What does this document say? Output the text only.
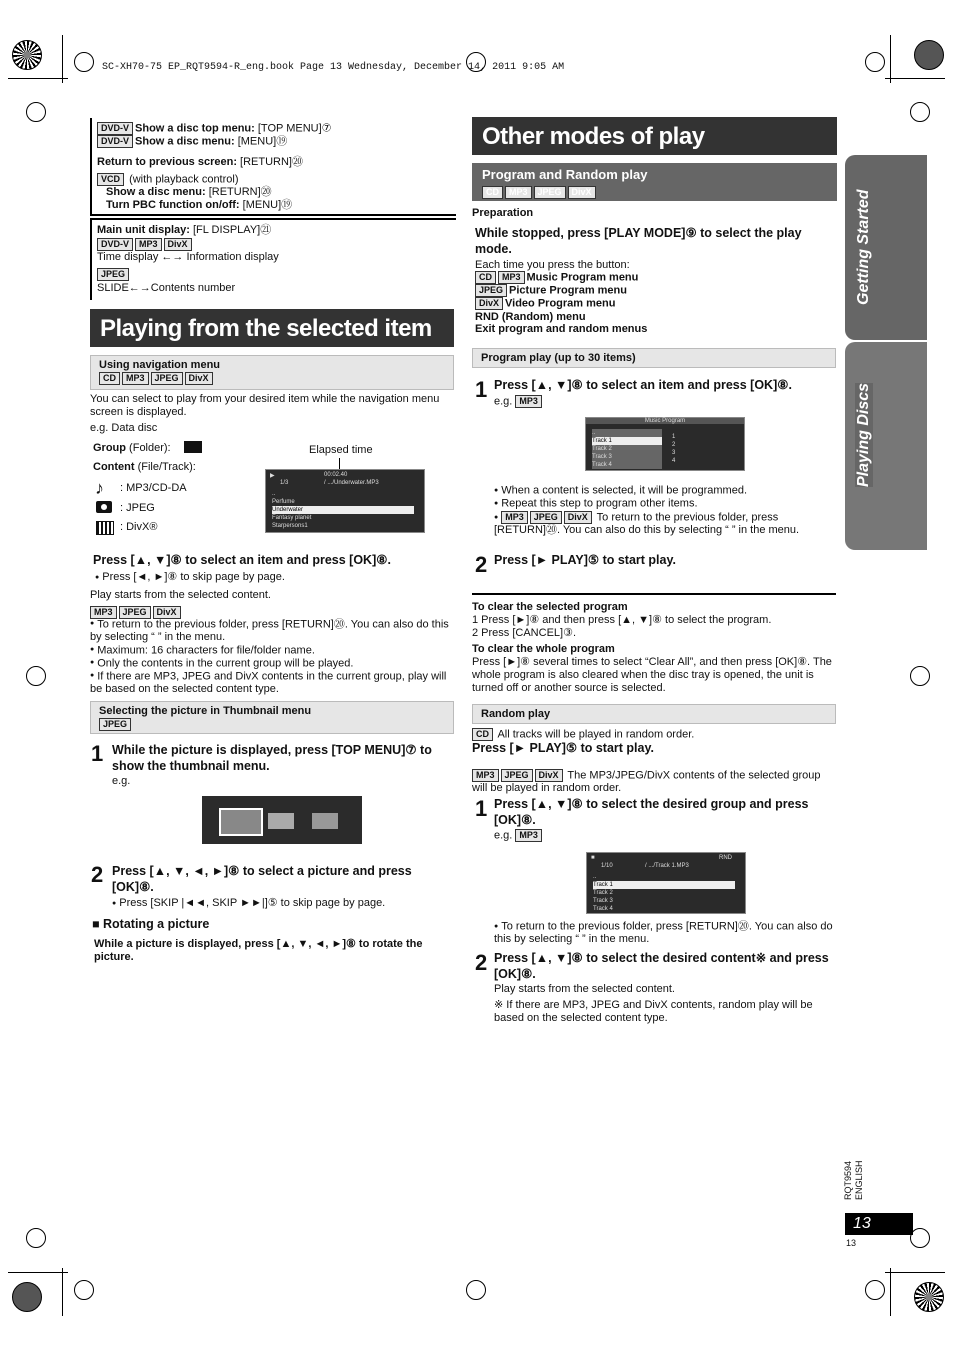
SC-XH70-75 EP_RQT9594-R_eng.book Page 13 Wednesday, December 14, 2011 9:05 AM
DVD-V Show a disc top menu: [TOP MENU]⑦
DVD-V Show a disc menu: [MENU]⑲
Return to previous screen: [RETURN]⑳
VCD (with playback control)
Show a disc menu: [RETURN]⑳
Turn PBC function on/off: [MENU]⑲
Main unit display: [FL DISPLAY]㉑
DVD-V MP3 DivX
Time display ←→ Information display
JPEG
SLIDE←→Contents number
Playing from the selected item
Using navigation menu
CD MP3 JPEG DivX
You can select to play from your desired item while the navigation menu screen is displayed.
e.g. Data disc
Group (Folder):
Content (File/Track):
♪ : MP3/CD-DA
: JPEG
: DivX®
Elapsed time
▶	00:02.40
1/3	/ .../Underwater.MP3
..
Perfume
Underwater
Fantasy planet
Starpersons1
Press [▲, ▼]⑧ to select an item and press [OK]⑧.
● Press [◄, ►]⑧ to skip page by page.
Play starts from the selected content.
MP3 JPEG DivX
● To return to the previous folder, press [RETURN]⑳. You can also do this by selecting “ ” in the menu.
● Maximum: 16 characters for file/folder name.
● Only the contents in the current group will be played.
● If there are MP3, JPEG and DivX contents in the current group, play will be based on the selected content type.
Selecting the picture in Thumbnail menu
JPEG
1 While the picture is displayed, press [TOP MENU]⑦ to show the thumbnail menu.
e.g.
2 Press [▲, ▼, ◄, ►]⑧ to select a picture and press [OK]⑧.
● Press [SKIP |◄◄, SKIP ►►|]⑤ to skip page by page.
■ Rotating a picture
While a picture is displayed, press [▲, ▼, ◄, ►]⑧ to rotate the picture.
Other modes of play
Program and Random play
CD MP3 JPEG DivX
Preparation
While stopped, press [PLAY MODE]⑨ to select the play mode.
Each time you press the button:
CD MP3 Music Program menu
JPEG Picture Program menu
DivX Video Program menu
RND (Random) menu
Exit program and random menus
Program play (up to 30 items)
1 Press [▲, ▼]⑧ to select an item and press [OK]⑧.
e.g. MP3
Music Program
..
Track 1
Track 2
Track 3
Track 4
1
2
3
4
● When a content is selected, it will be programmed.
● Repeat this step to program other items.
● MP3 JPEG DivX To return to the previous folder, press [RETURN]⑳. You can also do this by selecting “ ” in the menu.
2 Press [► PLAY]⑤ to start play.
To clear the selected program
1 Press [►]⑧ and then press [▲, ▼]⑧ to select the program.
2 Press [CANCEL]③.
To clear the whole program
Press [►]⑧ several times to select “Clear All”, and then press [OK]⑧. The whole program is also cleared when the disc tray is opened, the unit is turned off or another source is selected.
Random play
CD All tracks will be played in random order.
Press [► PLAY]⑤ to start play.
MP3 JPEG DivX The MP3/JPEG/DivX contents of the selected group will be played in random order.
1 Press [▲, ▼]⑧ to select the desired group and press [OK]⑧.
e.g. MP3
■	RND
1/10	/ .../Track 1.MP3
..
Track 1
Track 2
Track 3
Track 4
● To return to the previous folder, press [RETURN]⑳. You can also do this by selecting “ ” in the menu.
2 Press [▲, ▼]⑧ to select the desired content※ and press [OK]⑧.
Play starts from the selected content.
※ If there are MP3, JPEG and DivX contents, random play will be based on the selected content type.
Getting Started
Playing Discs
RQT9594 ENGLISH
13
13
